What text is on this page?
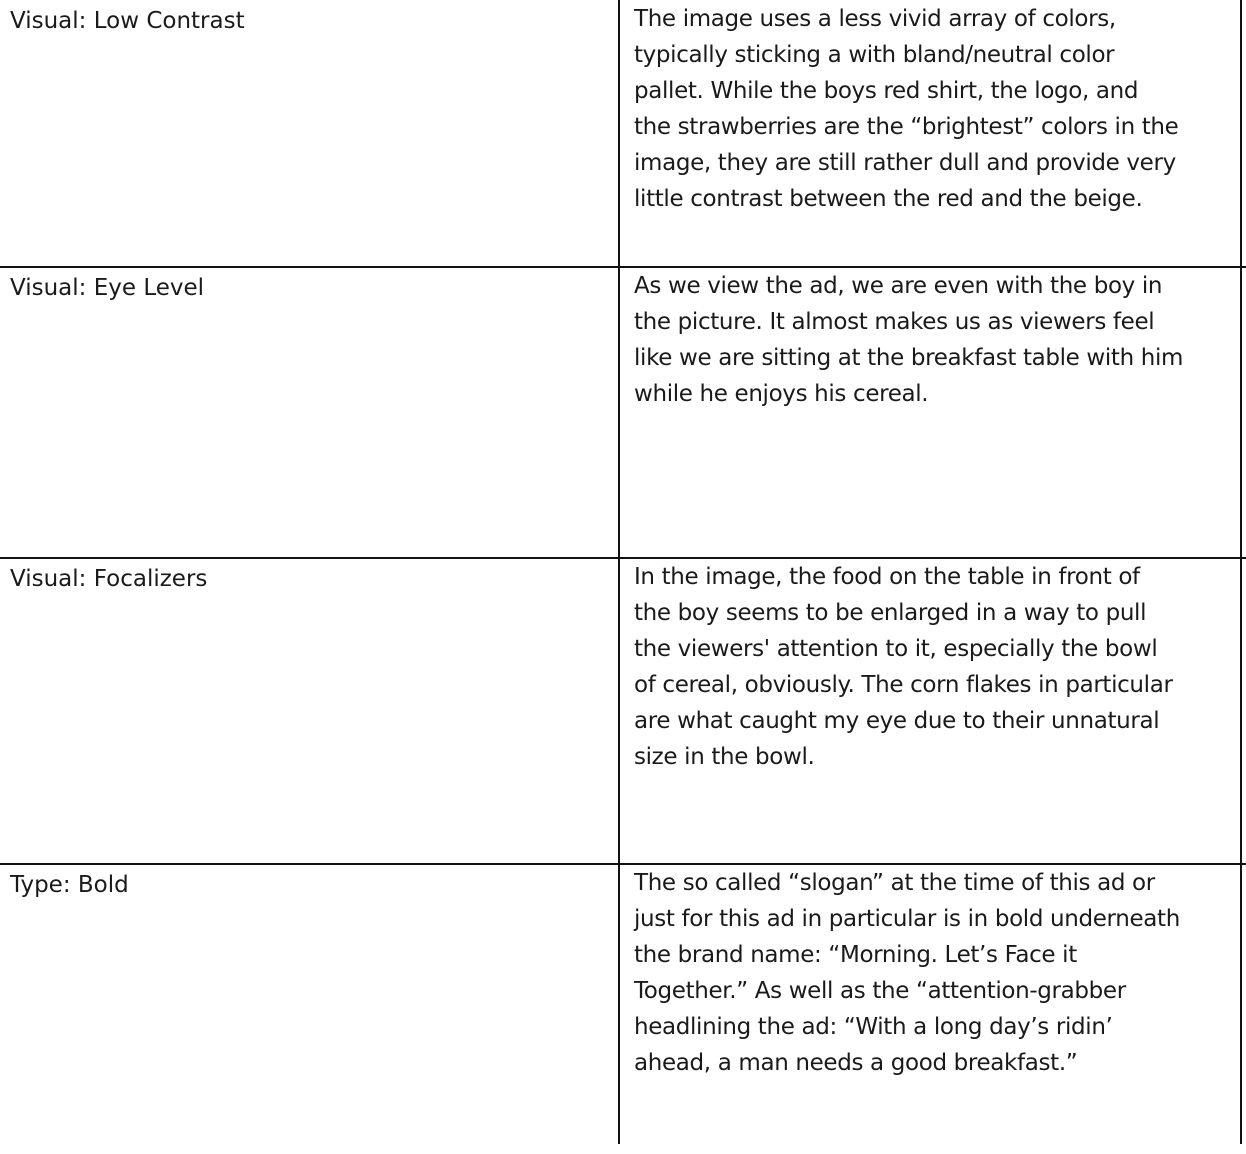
Visual: Low Contrast	The image uses a less vivid array of colors,
typically sticking a with bland/neutral color
pallet. While the boys red shirt, the logo, and
the strawberries are the “brightest” colors in the
image, they are still rather dull and provide very
little contrast between the red and the beige.
Visual: Eye Level	As we view the ad, we are even with the boy in
the picture. It almost makes us as viewers feel
like we are sitting at the breakfast table with him
while he enjoys his cereal.
Visual: Focalizers	In the image, the food on the table in front of
the boy seems to be enlarged in a way to pull
the viewers' attention to it, especially the bowl
of cereal, obviously. The corn flakes in particular
are what caught my eye due to their unnatural
size in the bowl.
Type: Bold	The so called “slogan” at the time of this ad or
just for this ad in particular is in bold underneath
the brand name: “Morning. Let’s Face it
Together.” As well as the “attention-grabber
headlining the ad: “With a long day’s ridin’
ahead, a man needs a good breakfast.”
